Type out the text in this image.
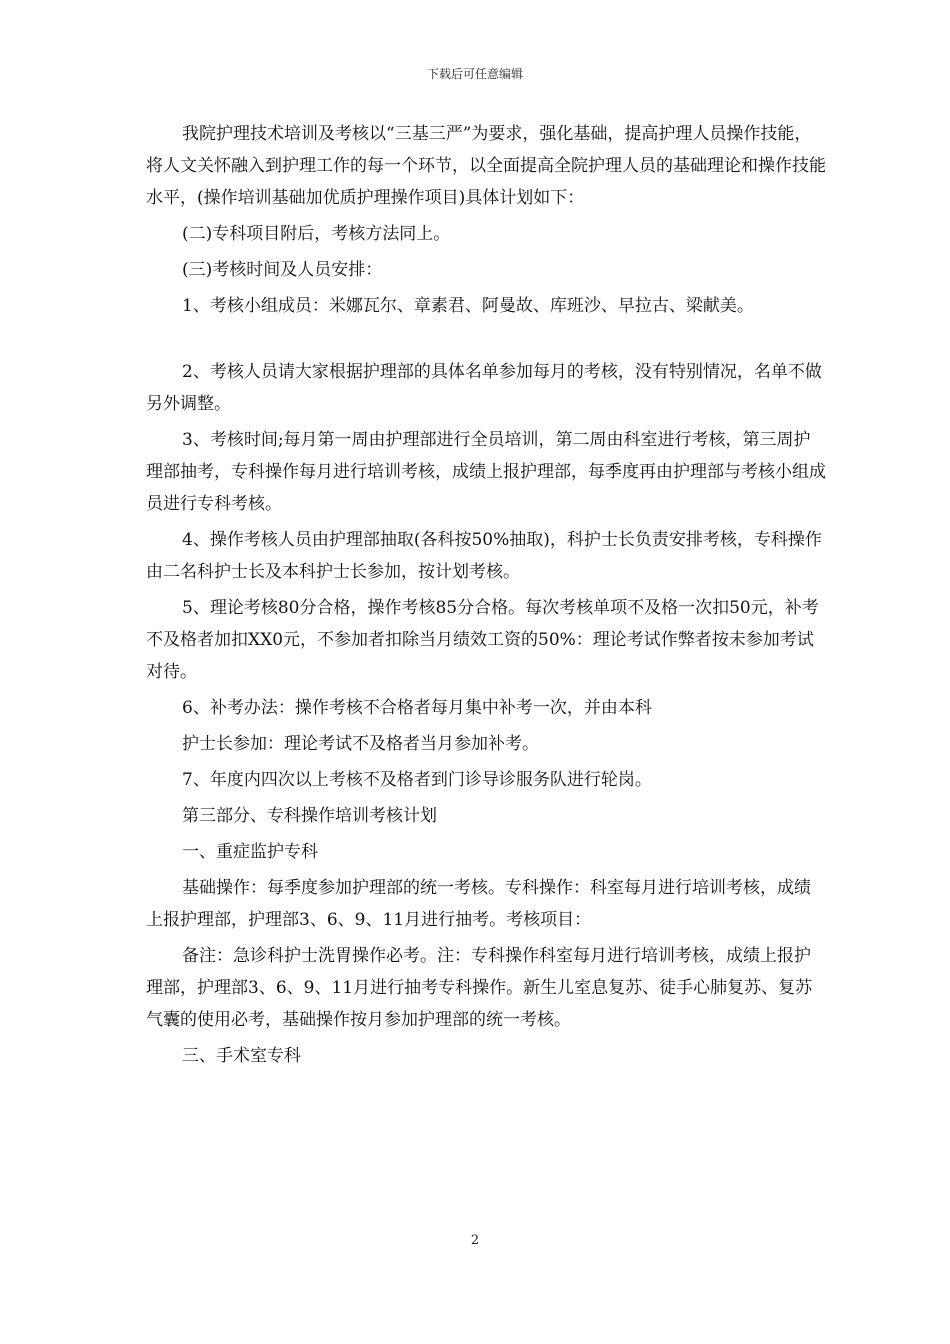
下载后可任意编辑

我院护理技术培训及考核以“三基三严”为要求，强化基础，提高护理人员操作技能，将人文关怀融入到护理工作的每一个环节，以全面提高全院护理人员的基础理论和操作技能水平，(操作培训基础加优质护理操作项目)具体计划如下：

(二)专科项目附后，考核方法同上。

(三)考核时间及人员安排：

1、考核小组成员：米娜瓦尔、章素君、阿曼故、库班沙、早拉古、梁献美。

2、考核人员请大家根据护理部的具体名单参加每月的考核，没有特别情况，名单不做另外调整。

3、考核时间;每月第一周由护理部进行全员培训，第二周由科室进行考核，第三周护理部抽考，专科操作每月进行培训考核，成绩上报护理部，每季度再由护理部与考核小组成员进行专科考核。

4、操作考核人员由护理部抽取(各科按50%抽取)，科护士长负责安排考核，专科操作由二名科护士长及本科护士长参加，按计划考核。

5、理论考核80分合格，操作考核85分合格。每次考核单项不及格一次扣50元，补考不及格者加扣XX0元，不参加者扣除当月绩效工资的50%：理论考试作弊者按未参加考试对待。

6、补考办法：操作考核不合格者每月集中补考一次，并由本科

护士长参加：理论考试不及格者当月参加补考。

7、年度内四次以上考核不及格者到门诊导诊服务队进行轮岗。

第三部分、专科操作培训考核计划

一、重症监护专科

基础操作：每季度参加护理部的统一考核。专科操作：科室每月进行培训考核，成绩上报护理部，护理部3、6、9、11月进行抽考。考核项目：

备注：急诊科护士洗胃操作必考。注：专科操作科室每月进行培训考核，成绩上报护理部，护理部3、6、9、11月进行抽考专科操作。新生儿室息复苏、徒手心肺复苏、复苏气囊的使用必考，基础操作按月参加护理部的统一考核。

三、手术室专科

2
